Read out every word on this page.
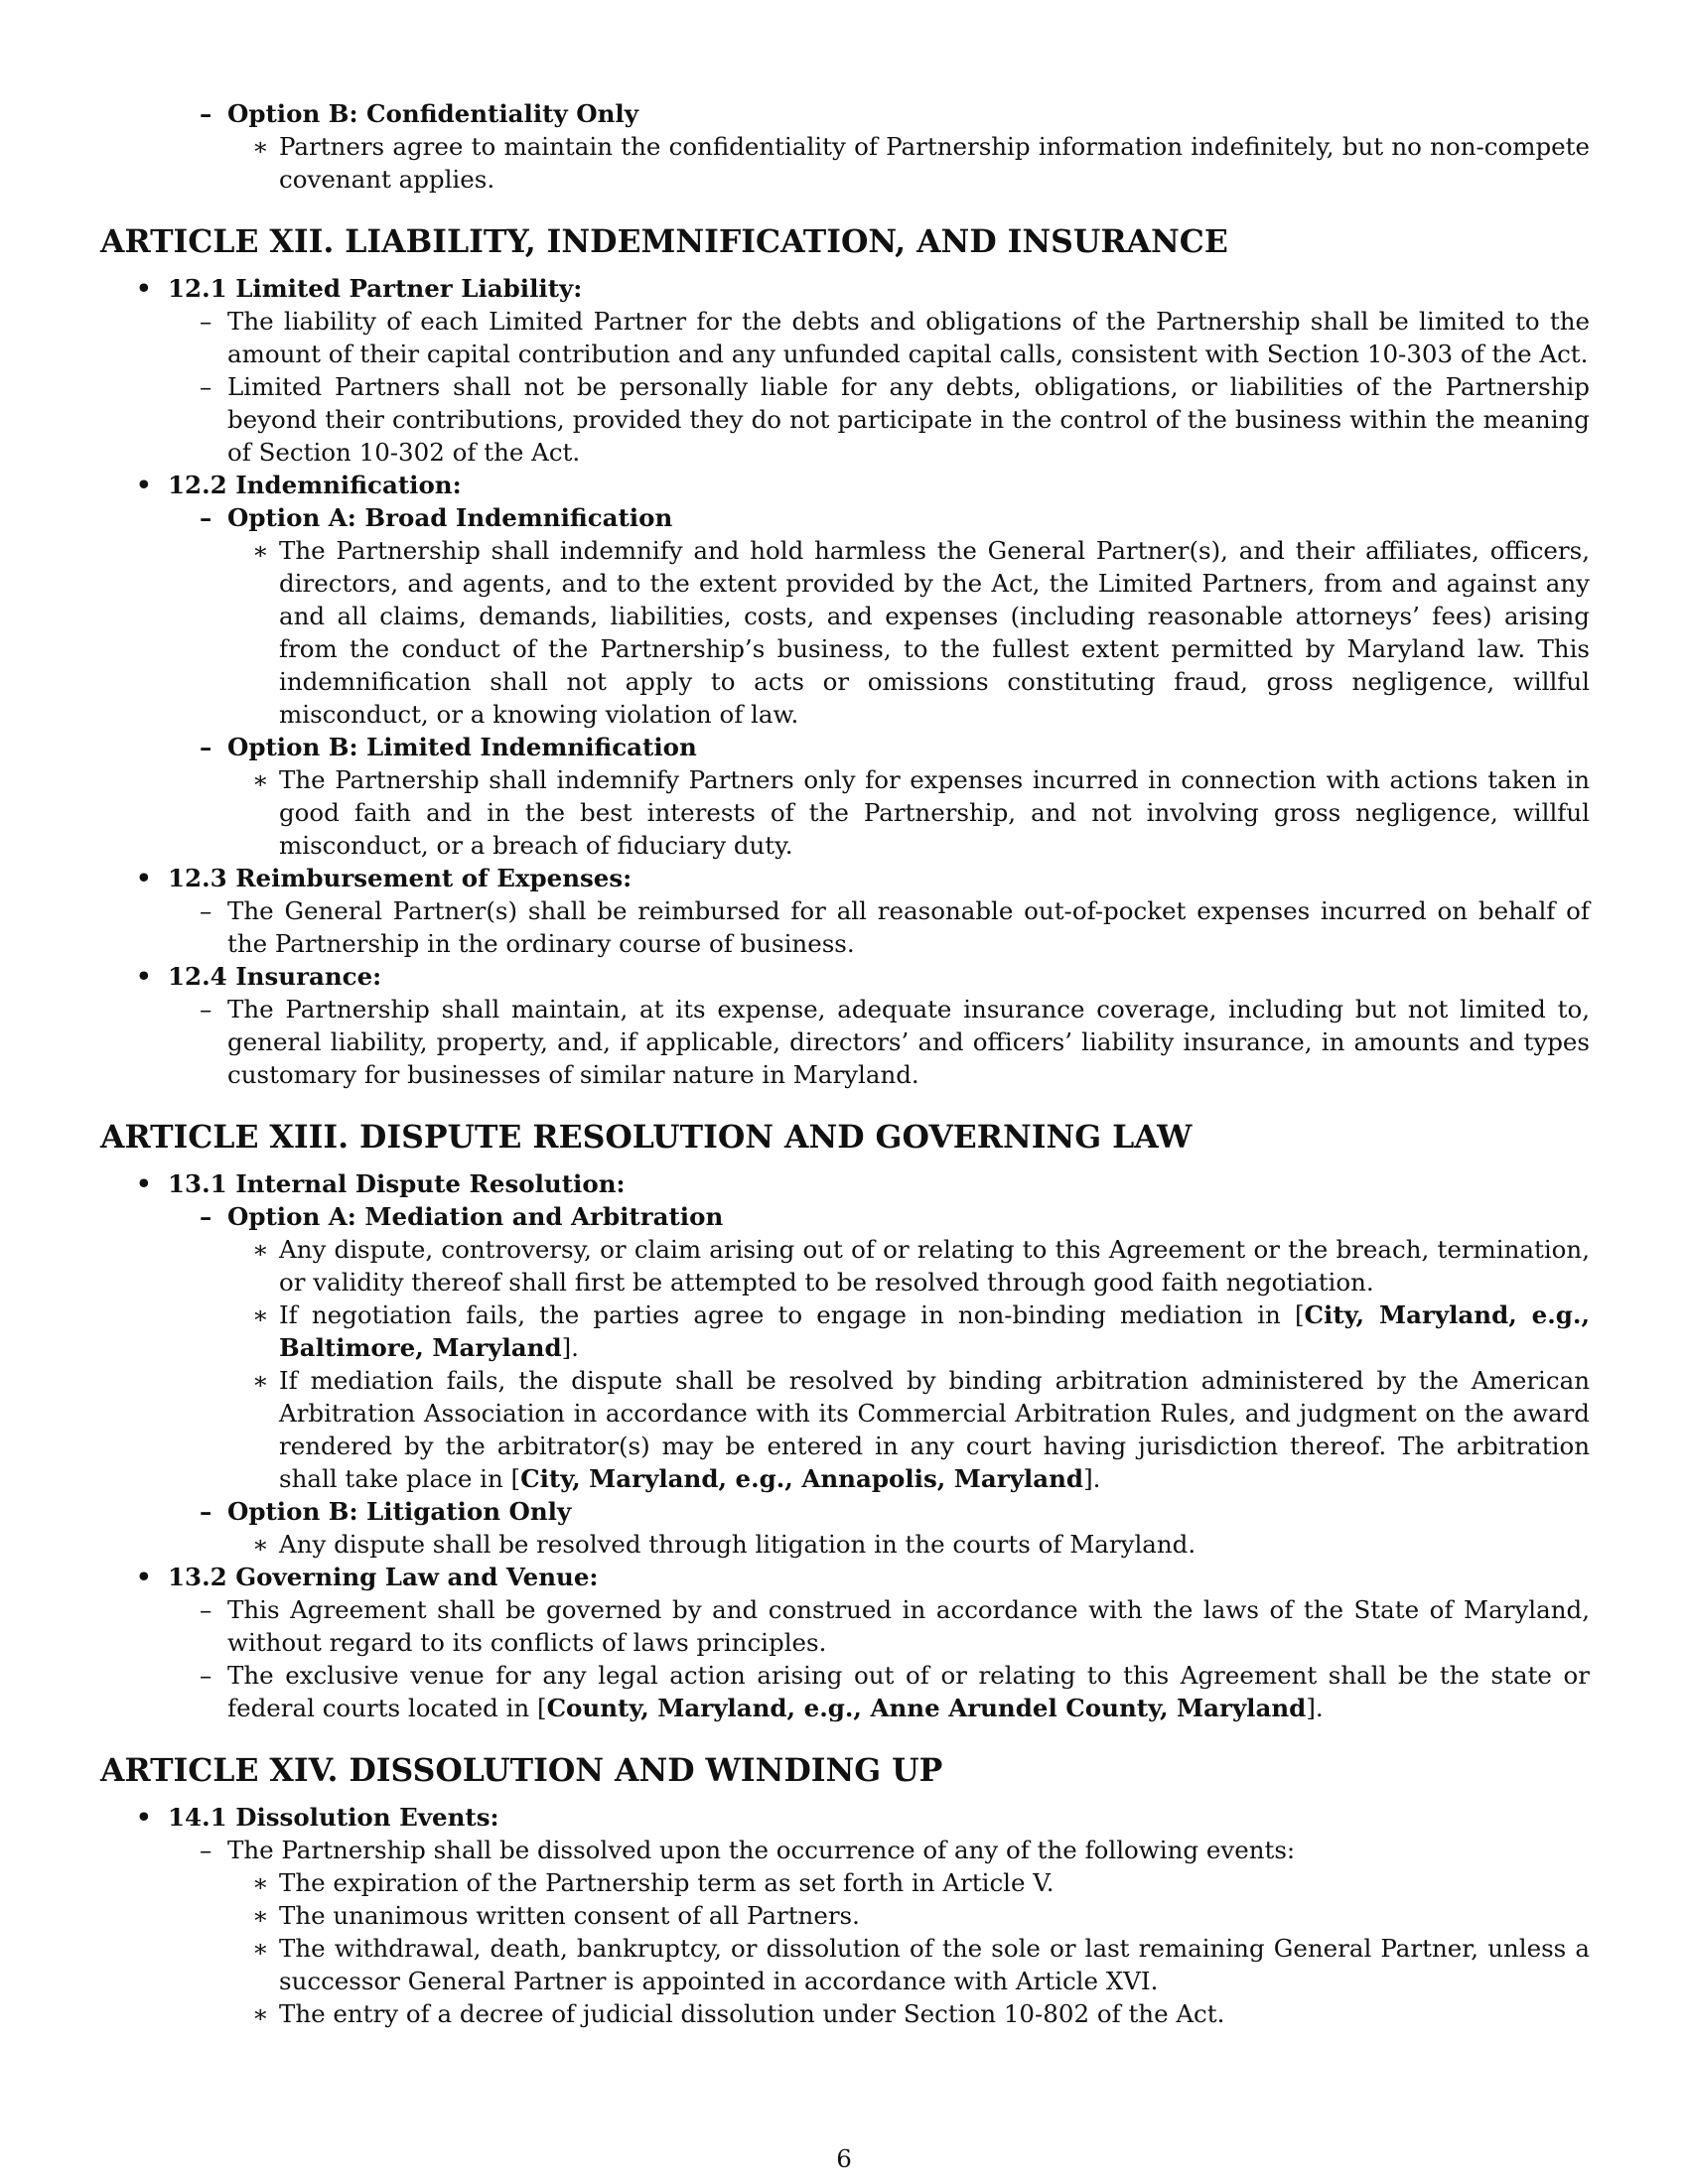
– Option B: Confidentiality Only
∗ Partners agree to maintain the confidentiality of Partnership information indefinitely, but no non-compete covenant applies.
ARTICLE XII. LIABILITY, INDEMNIFICATION, AND INSURANCE
• 12.1 Limited Partner Liability:
– The liability of each Limited Partner for the debts and obligations of the Partnership shall be limited to the amount of their capital contribution and any unfunded capital calls, consistent with Section 10-303 of the Act.
– Limited Partners shall not be personally liable for any debts, obligations, or liabilities of the Partnership beyond their contributions, provided they do not participate in the control of the business within the meaning of Section 10-302 of the Act.
• 12.2 Indemnification:
– Option A: Broad Indemnification
∗ The Partnership shall indemnify and hold harmless the General Partner(s), and their affiliates, officers, directors, and agents, and to the extent provided by the Act, the Limited Partners, from and against any and all claims, demands, liabilities, costs, and expenses (including reasonable attorneys’ fees) arising from the conduct of the Partnership’s business, to the fullest extent permitted by Maryland law. This indemnification shall not apply to acts or omissions constituting fraud, gross negligence, willful misconduct, or a knowing violation of law.
– Option B: Limited Indemnification
∗ The Partnership shall indemnify Partners only for expenses incurred in connection with actions taken in good faith and in the best interests of the Partnership, and not involving gross negligence, willful misconduct, or a breach of fiduciary duty.
• 12.3 Reimbursement of Expenses:
– The General Partner(s) shall be reimbursed for all reasonable out-of-pocket expenses incurred on behalf of the Partnership in the ordinary course of business.
• 12.4 Insurance:
– The Partnership shall maintain, at its expense, adequate insurance coverage, including but not limited to, general liability, property, and, if applicable, directors’ and officers’ liability insurance, in amounts and types customary for businesses of similar nature in Maryland.
ARTICLE XIII. DISPUTE RESOLUTION AND GOVERNING LAW
• 13.1 Internal Dispute Resolution:
– Option A: Mediation and Arbitration
∗ Any dispute, controversy, or claim arising out of or relating to this Agreement or the breach, termination, or validity thereof shall first be attempted to be resolved through good faith negotiation.
∗ If negotiation fails, the parties agree to engage in non-binding mediation in [City, Maryland, e.g., Baltimore, Maryland].
∗ If mediation fails, the dispute shall be resolved by binding arbitration administered by the American Arbitration Association in accordance with its Commercial Arbitration Rules, and judgment on the award rendered by the arbitrator(s) may be entered in any court having jurisdiction thereof. The arbitration shall take place in [City, Maryland, e.g., Annapolis, Maryland].
– Option B: Litigation Only
∗ Any dispute shall be resolved through litigation in the courts of Maryland.
• 13.2 Governing Law and Venue:
– This Agreement shall be governed by and construed in accordance with the laws of the State of Maryland, without regard to its conflicts of laws principles.
– The exclusive venue for any legal action arising out of or relating to this Agreement shall be the state or federal courts located in [County, Maryland, e.g., Anne Arundel County, Maryland].
ARTICLE XIV. DISSOLUTION AND WINDING UP
• 14.1 Dissolution Events:
– The Partnership shall be dissolved upon the occurrence of any of the following events:
∗ The expiration of the Partnership term as set forth in Article V.
∗ The unanimous written consent of all Partners.
∗ The withdrawal, death, bankruptcy, or dissolution of the sole or last remaining General Partner, unless a successor General Partner is appointed in accordance with Article XVI.
∗ The entry of a decree of judicial dissolution under Section 10-802 of the Act.
6
